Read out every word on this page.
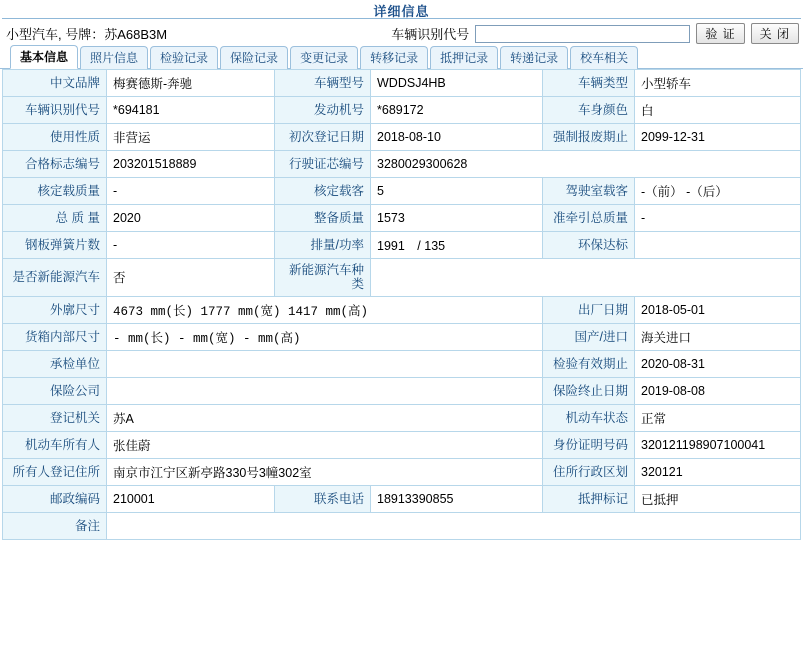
详细信息
小型汽车, 号牌：苏A68B3M	车辆识别代号	验 证	关 闭
基本信息	照片信息	检验记录	保险记录	变更记录	转移记录	抵押记录	转递记录	校车相关
中文品牌	梅赛德斯-奔驰	车辆型号	WDDSJ4HB	车辆类型	小型轿车
车辆识别代号	*694181	发动机号	*689172	车身颜色	白
使用性质	非营运	初次登记日期	2018-08-10	强制报废期止	2099-12-31
合格标志编号	203201518889	行驶证芯编号	3280029300628		
核定载质量	-	核定载客	5	驾驶室载客	-（前） -（后）
总 质 量	2020	整备质量	1573	准牵引总质量	-
钢板弹簧片数	-	排量/功率	1991　/ 135	环保达标	
是否新能源汽车	否	新能源汽车种类			
外廓尺寸	4673 mm(长) 1777 mm(宽) 1417 mm(高)			出厂日期	2018-05-01
货箱内部尺寸	- mm(长) - mm(宽) - mm(高)			国产/进口	海关进口
承检单位				检验有效期止	2020-08-31
保险公司				保险终止日期	2019-08-08
登记机关	苏A			机动车状态	正常
机动车所有人	张佳蔚			身份证明号码	320121198907100041
所有人登记住所	南京市江宁区新亭路330号3幢302室			住所行政区划	320121
邮政编码	210001	联系电话	18913390855	抵押标记	已抵押
备注					
